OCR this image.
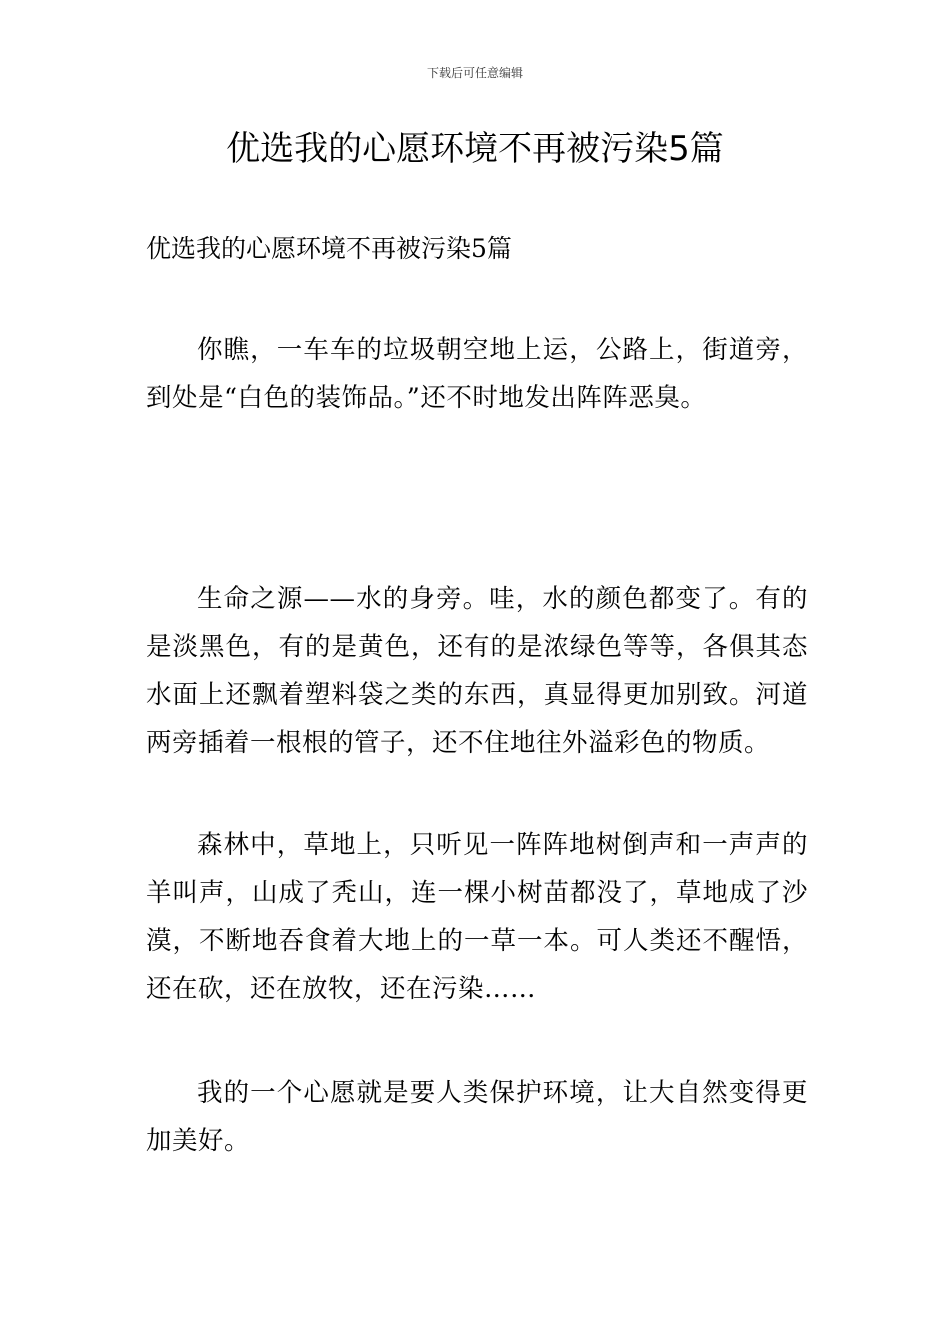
下载后可任意编辑
优选我的心愿环境不再被污染5篇

优选我的心愿环境不再被污染5篇

你瞧，一车车的垃圾朝空地上运，公路上，街道旁，到处是“白色的装饰品。”还不时地发出阵阵恶臭。

生命之源——水的身旁。哇，水的颜色都变了。有的是淡黑色，有的是黄色，还有的是浓绿色等等，各俱其态水面上还飘着塑料袋之类的东西，真显得更加别致。河道两旁插着一根根的管子，还不住地往外溢彩色的物质。

森林中，草地上，只听见一阵阵地树倒声和一声声的羊叫声，山成了秃山，连一棵小树苗都没了，草地成了沙漠，不断地吞食着大地上的一草一本。可人类还不醒悟，还在砍，还在放牧，还在污染……

我的一个心愿就是要人类保护环境，让大自然变得更加美好。
